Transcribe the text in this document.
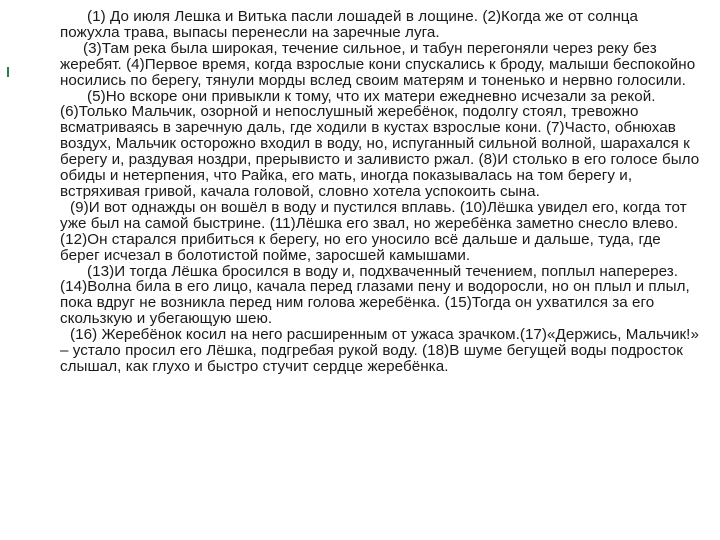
(1) До июля Лешка и Витька пасли лошадей в лощине. (2)Когда же от солнца пожухла трава, выпасы перенесли на заречные луга.

(3)Там река была широкая, течение сильное, и табун перегоняли через реку без жеребят. (4)Первое время, когда взрослые кони спускались к броду, малыши беспокойно носились по берегу, тянули морды вслед своим матерям и тоненько и нервно голосили.

(5)Но вскоре они привыкли к тому, что их матери ежедневно исчезали за рекой. (6)Только Мальчик, озорной и непослушный жеребёнок, подолгу стоял, тревожно всматриваясь в заречную даль, где ходили в кустах взрослые кони. (7)Часто, обнюхав воздух, Мальчик осторожно входил в воду, но, испуганный сильной волной, шарахался к берегу и, раздувая ноздри, прерывисто и заливисто ржал. (8)И столько в его голосе было обиды и нетерпения, что Райка, его мать, иногда показывалась на том берегу и, встряхивая гривой, качала головой, словно хотела успокоить сына.

(9)И вот однажды он вошёл в воду и пустился вплавь. (10)Лёшка увидел его, когда тот уже был на самой быстрине. (11)Лёшка его звал, но жеребёнка заметно снесло влево. (12)Он старался прибиться к берегу, но его уносило всё дальше и дальше, туда, где берег исчезал в болотистой пойме, заросшей камышами.

(13)И тогда Лёшка бросился в воду и, подхваченный течением, поплыл наперерез. (14)Волна била в его лицо, качала перед глазами пену и водоросли, но он плыл и плыл, пока вдруг не возникла перед ним голова жеребёнка. (15)Тогда он ухватился за его скользкую и убегающую шею.

(16) Жеребёнок косил на него расширенным от ужаса зрачком.(17)«Держись, Мальчик!» – устало просил его Лёшка, подгребая рукой воду. (18)В шуме бегущей воды подросток слышал, как глухо и быстро стучит сердце жеребёнка.
